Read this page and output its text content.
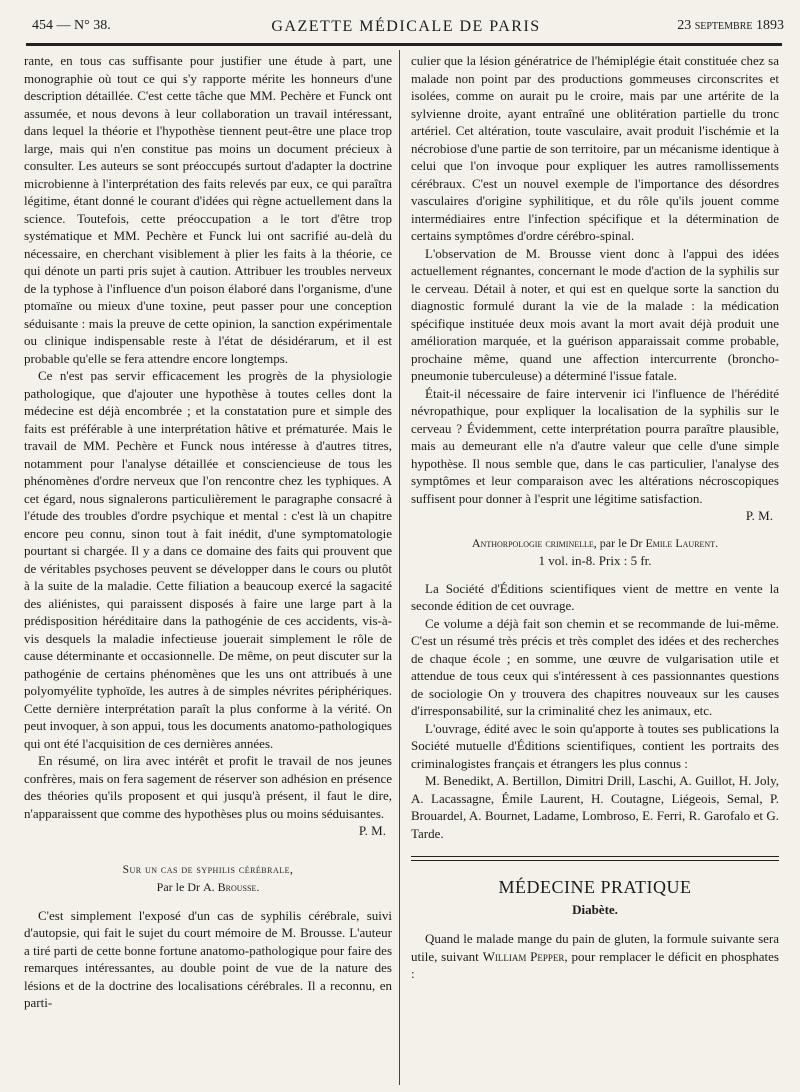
454 — N° 38.	GAZETTE MÉDICALE DE PARIS	23 septembre 1893

rante, en tous cas suffisante pour justifier une étude à part, une monographie où tout ce qui s'y rapporte mérite les honneurs d'une description détaillée. C'est cette tâche que MM. Pechère et Funck ont assumée, et nous devons à leur collaboration un travail intéressant, dans lequel la théorie et l'hypothèse tiennent peut-être une place trop large, mais qui n'en constitue pas moins un document précieux à consulter. Les auteurs se sont préoccupés surtout d'adapter la doctrine microbienne à l'interprétation des faits relevés par eux, ce qui paraîtra légitime, étant donné le courant d'idées qui règne actuellement dans la science. Toutefois, cette préoccupation a le tort d'être trop systématique et MM. Pechère et Funck lui ont sacrifié au-delà du nécessaire, en cherchant visiblement à plier les faits à la théorie, ce qui dénote un parti pris sujet à caution. Attribuer les troubles nerveux de la typhose à l'influence d'un poison élaboré dans l'organisme, d'une ptomaïne ou mieux d'une toxine, peut passer pour une conception séduisante : mais la preuve de cette opinion, la sanction expérimentale ou clinique indispensable reste à l'état de désidérarum, et il est probable qu'elle se fera attendre encore longtemps.

Ce n'est pas servir efficacement les progrès de la physiologie pathologique, que d'ajouter une hypothèse à toutes celles dont la médecine est déjà encombrée ; et la constatation pure et simple des faits est préférable à une interprétation hâtive et prématurée. Mais le travail de MM. Pechère et Funck nous intéresse à d'autres titres, notamment pour l'analyse détaillée et consciencieuse de tous les phénomènes d'ordre nerveux que l'on rencontre chez les typhiques. A cet égard, nous signalerons particulièrement le paragraphe consacré à l'étude des troubles d'ordre psychique et mental : c'est là un chapitre encore peu connu, sinon tout à fait inédit, d'une symptomatologie pourtant si chargée. Il y a dans ce domaine des faits qui prouvent que de véritables psychoses peuvent se développer dans le cours ou plutôt à la suite de la maladie. Cette filiation a beaucoup exercé la sagacité des aliénistes, qui paraissent disposés à faire une large part à la prédisposition héréditaire dans la pathogénie de ces accidents, vis-à-vis desquels la maladie infectieuse jouerait simplement le rôle de cause déterminante et occasionnelle. De même, on peut discuter sur la pathogénie de certains phénomènes que les uns ont attribués à une polyomyélite typhoïde, les autres à de simples névrites périphériques. Cette dernière interprétation paraît la plus conforme à la vérité. On peut invoquer, à son appui, tous les documents anatomo-pathologiques qui ont été l'acquisition de ces dernières années.

En résumé, on lira avec intérêt et profit le travail de nos jeunes confrères, mais on fera sagement de réserver son adhésion en présence des théories qu'ils proposent et qui jusqu'à présent, il faut le dire, n'apparaissent que comme des hypothèses plus ou moins séduisantes.

P. M.

Sur un cas de syphilis cérébrale,

Par le Dr A. Brousse.

C'est simplement l'exposé d'un cas de syphilis cérébrale, suivi d'autopsie, qui fait le sujet du court mémoire de M. Brousse. L'auteur a tiré parti de cette bonne fortune anatomo-pathologique pour faire des remarques intéressantes, au double point de vue de la nature des lésions et de la doctrine des localisations cérébrales. Il a reconnu, en parti-

culier que la lésion génératrice de l'hémiplégie était constituée chez sa malade non point par des productions gommeuses circonscrites et isolées, comme on aurait pu le croire, mais par une artérite de la sylvienne droite, ayant entraîné une oblitération partielle du tronc artériel. Cet altération, toute vasculaire, avait produit l'ischémie et la nécrobiose d'une partie de son territoire, par un mécanisme identique à celui que l'on invoque pour expliquer les autres ramollissements cérébraux. C'est un nouvel exemple de l'importance des désordres vasculaires d'origine syphilitique, et du rôle qu'ils jouent comme intermédiaires entre l'infection spécifique et la détermination de certains symptômes d'ordre cérébro-spinal.

L'observation de M. Brousse vient donc à l'appui des idées actuellement régnantes, concernant le mode d'action de la syphilis sur le cerveau. Détail à noter, et qui est en quelque sorte la sanction du diagnostic formulé durant la vie de la malade : la médication spécifique instituée deux mois avant la mort avait déjà produit une amélioration marquée, et la guérison apparaissait comme probable, prochaine même, quand une affection intercurrente (broncho-pneumonie tuberculeuse) a déterminé l'issue fatale.

Était-il nécessaire de faire intervenir ici l'influence de l'hérédité névropathique, pour expliquer la localisation de la syphilis sur le cerveau ? Évidemment, cette interprétation pourra paraître plausible, mais au demeurant elle n'a d'autre valeur que celle d'une simple hypothèse. Il nous semble que, dans le cas particulier, l'analyse des symptômes et leur comparaison avec les altérations nécroscopiques suffisent pour donner à l'esprit une légitime satisfaction.

P. M.

Anthorpologie criminelle, par le Dr Emile Laurent.

1 vol. in-8. Prix : 5 fr.

La Société d'Éditions scientifiques vient de mettre en vente la seconde édition de cet ouvrage.

Ce volume a déjà fait son chemin et se recommande de lui-même. C'est un résumé très précis et très complet des idées et des recherches de chaque école ; en somme, une œuvre de vulgarisation utile et attendue de tous ceux qui s'intéressent à ces passionnantes questions de sociologie On y trouvera des chapitres nouveaux sur les causes d'irresponsabilité, sur la criminalité chez les animaux, etc.

L'ouvrage, édité avec le soin qu'apporte à toutes ses publications la Société mutuelle d'Éditions scientifiques, contient les portraits des criminalogistes français et étrangers les plus connus :

M. Benedikt, A. Bertillon, Dimitri Drill, Laschi, A. Guillot, H. Joly, A. Lacassagne, Émile Laurent, H. Coutagne, Liégeois, Semal, P. Brouardel, A. Bournet, Ladame, Lombroso, E. Ferri, R. Garofalo et G. Tarde.

MÉDECINE PRATIQUE

Diabète.

Quand le malade mange du pain de gluten, la formule suivante sera utile, suivant William Pepper, pour remplacer le déficit en phosphates :
